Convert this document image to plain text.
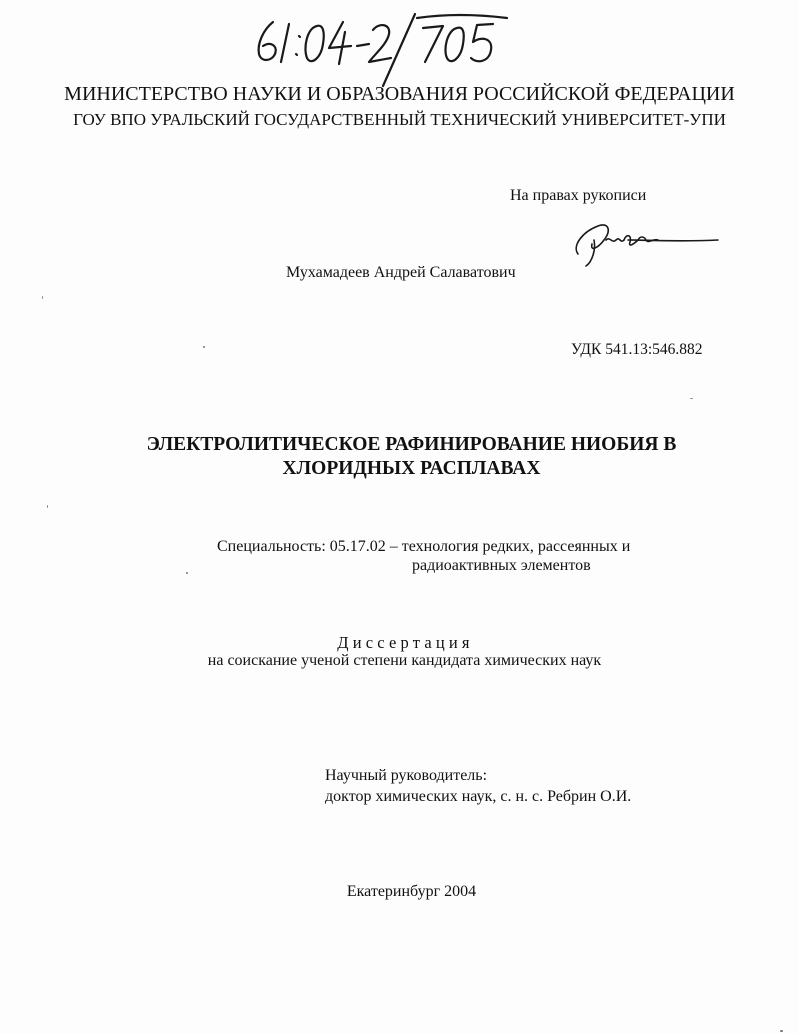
МИНИСТЕРСТВО НАУКИ И ОБРАЗОВАНИЯ РОССИЙСКОЙ ФЕДЕРАЦИИ
ГОУ ВПО УРАЛЬСКИЙ ГОСУДАРСТВЕННЫЙ ТЕХНИЧЕСКИЙ УНИВЕРСИТЕТ-УПИ
На правах рукописи
Мухамадеев Андрей Салаватович
УДК 541.13:546.882
ЭЛЕКТРОЛИТИЧЕСКОЕ РАФИНИРОВАНИЕ НИОБИЯ В
ХЛОРИДНЫХ РАСПЛАВАХ
Специальность: 05.17.02 – технология редких, рассеянных и
радиоактивных элементов
Диссертация
на соискание ученой степени кандидата химических наук
Научный руководитель:
доктор химических наук, с. н. с. Ребрин О.И.
Екатеринбург 2004
